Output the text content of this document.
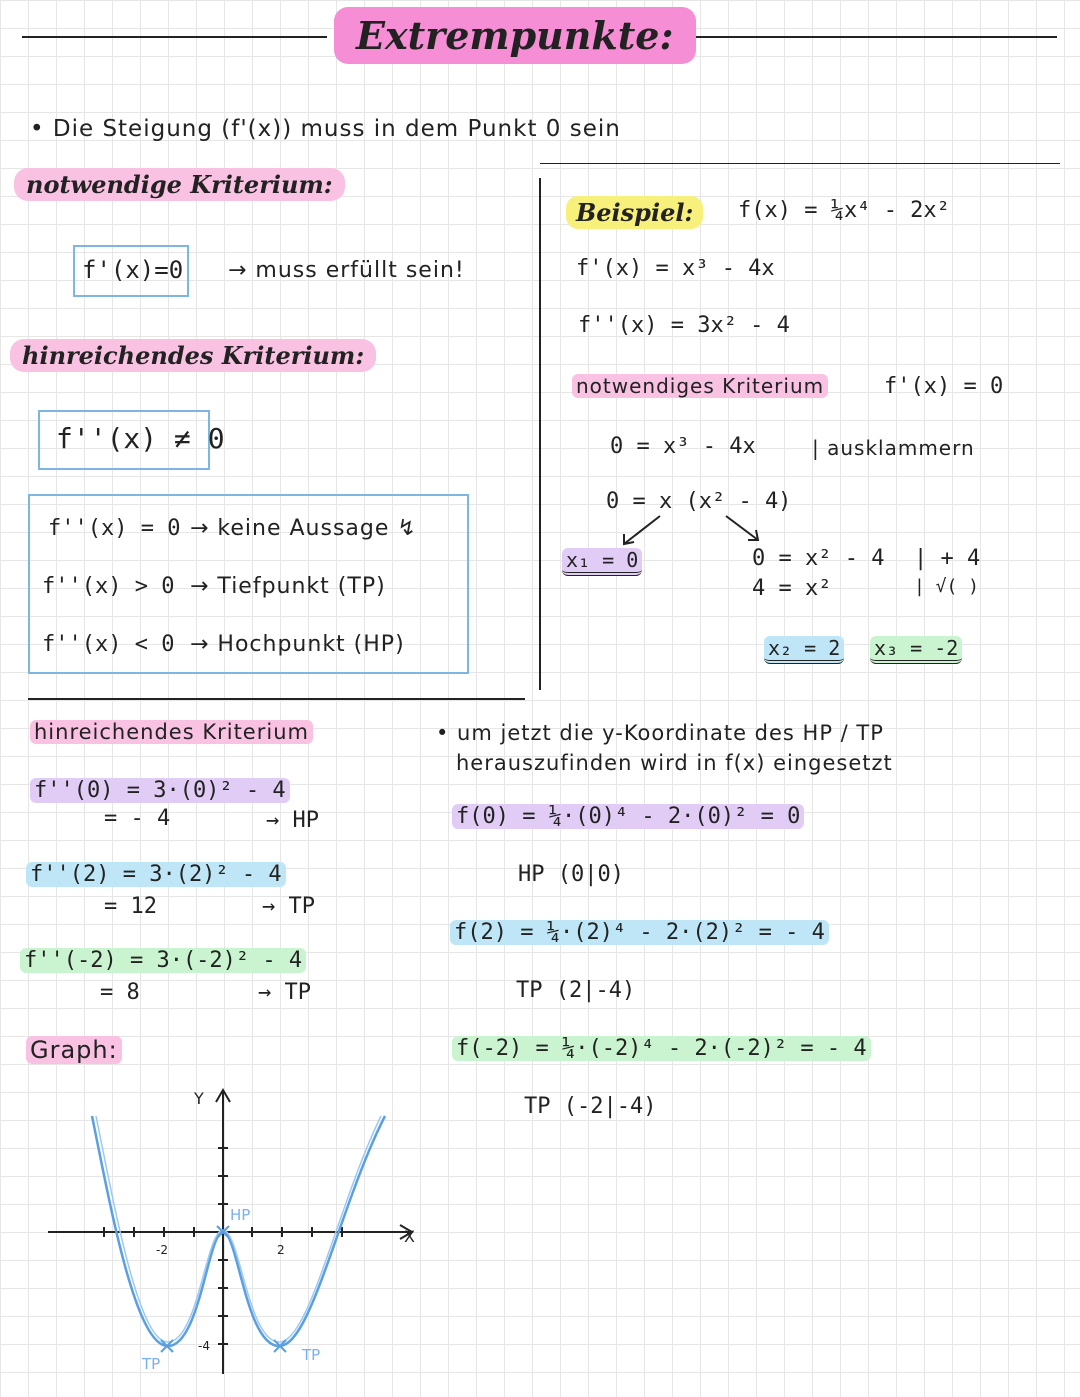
Extrempunkte:
• Die Steigung (f'(x)) muss in dem Punkt 0 sein
notwendige Kriterium:
f'(x)=0 → muss erfüllt sein!
hinreichendes Kriterium:
f''(x) ≠ 0
f''(x) = 0 → keine Aussage ↯
f''(x) > 0 → Tiefpunkt (TP)
f''(x) < 0 → Hochpunkt (HP)
Beispiel:	f(x) = ¼x⁴ - 2x²
f'(x) = x³ - 4x
f''(x) = 3x² - 4
notwendiges Kriterium	f'(x) = 0
0 = x³ - 4x	| ausklammern
0 = x (x² - 4)
x₁ = 0	0 = x² - 4 | + 4
4 = x²	| √( )
x₂ = 2 x₃ = -2
hinreichendes Kriterium
f''(0) = 3·(0)² - 4
= - 4	→ HP
f''(2) = 3·(2)² - 4
= 12	→ TP
f''(-2) = 3·(-2)² - 4
= 8	→ TP
• um jetzt die y-Koordinate des HP / TP
herauszufinden wird in f(x) eingesetzt
f(0) = ¼·(0)⁴ - 2·(0)² = 0
HP (0|0)
f(2) = ¼·(2)⁴ - 2·(2)² = - 4
TP (2|-4)
f(-2) = ¼·(-2)⁴ - 2·(-2)² = - 4
TP (-2|-4)
Graph:
Y
X
-2	2
-4
HP
TP	TP
